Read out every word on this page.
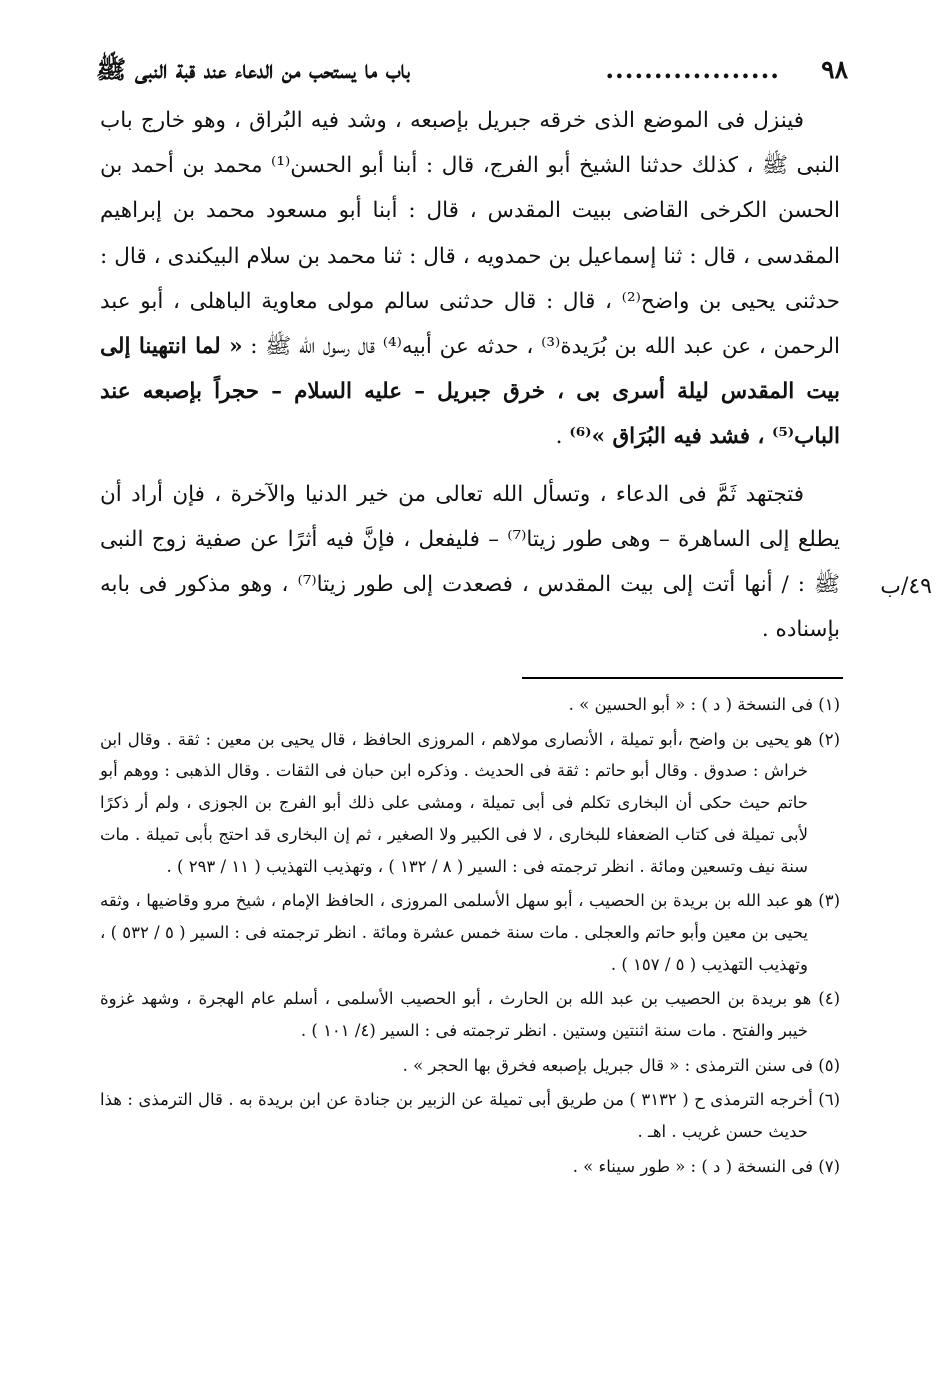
٩٨
..................
باب ما يستحب من الدعاء عند قبة النبى ﷺ

فينزل فى الموضع الذى خرقه جبريل بإصبعه ، وشد فيه البُراق ، وهو خارج باب النبى ﷺ ، كذلك حدثنا الشيخ أبو الفرج، قال : أبنا أبو الحسن⁽¹⁾ محمد بن أحمد بن الحسن الكرخى القاضى ببيت المقدس ، قال : أبنا أبو مسعود محمد بن إبراهيم المقدسى ، قال : ثنا إسماعيل بن حمدويه ، قال : ثنا محمد بن سلام البيكندى ، قال : حدثنى يحيى بن واضح⁽²⁾ ، قال : قال حدثنى سالم مولى معاوية الباهلى ، أبو عبد الرحمن ، عن عبد الله بن بُرَيدة⁽³⁾ ، حدثه عن أبيه⁽⁴⁾ قال رسول الله ﷺ : « لما انتهينا إلى بيت المقدس ليلة أسرى بى ، خرق جبريل – عليه السلام – حجراً بإصبعه عند الباب⁽⁵⁾ ، فشد فيه البُرَاق »⁽⁶⁾ .

فتجتهد ثَمَّ فى الدعاء ، وتسأل الله تعالى من خير الدنيا والآخرة ، فإن أراد أن يطلع إلى الساهرة – وهى طور زيتا⁽⁷⁾ – فليفعل ، فإنَّ فيه أثرًا عن صفية زوج النبى ﷺ : / أنها أتت إلى بيت المقدس ، فصعدت إلى طور زيتا⁽⁷⁾ ، وهو مذكور فى بابه بإسناده .

٤٩/ب

(١) فى النسخة ( د ) : « أبو الحسين » .

(٢) هو يحيى بن واضح ،أبو تميلة ، الأنصارى مولاهم ، المروزى الحافظ ، قال يحيى بن معين : ثقة . وقال ابن خراش : صدوق . وقال أبو حاتم : ثقة فى الحديث . وذكره ابن حبان فى الثقات . وقال الذهبى : ووهم أبو حاتم حيث حكى أن البخارى تكلم فى أبى تميلة ، ومشى على ذلك أبو الفرج بن الجوزى ، ولم أر ذكرًا لأبى تميلة فى كتاب الضعفاء للبخارى ، لا فى الكبير ولا الصغير ، ثم إن البخارى قد احتج بأبى تميلة . مات سنة نيف وتسعين ومائة . انظر ترجمته فى : السير ( ٨ / ١٣٢ ) ، وتهذيب التهذيب ( ١١ / ٢٩٣ ) .

(٣) هو عبد الله بن بريدة بن الحصيب ، أبو سهل الأسلمى المروزى ، الحافظ الإمام ، شيخ مرو وقاضيها ، وثقه يحيى بن معين وأبو حاتم والعجلى . مات سنة خمس عشرة ومائة . انظر ترجمته فى : السير ( ٥ / ٥٣٢ ) ، وتهذيب التهذيب ( ٥ / ١٥٧ ) .

(٤) هو بريدة بن الحصيب بن عبد الله بن الحارث ، أبو الحصيب الأسلمى ، أسلم عام الهجرة ، وشهد غزوة خيبر والفتح . مات سنة اثنتين وستين . انظر ترجمته فى : السير (٤/ ١٠١ ) .

(٥) فى سنن الترمذى : « قال جبريل بإصبعه فخرق بها الحجر » .

(٦) أخرجه الترمذى ح ( ٣١٣٢ ) من طريق أبى تميلة عن الزبير بن جنادة عن ابن بريدة به . قال الترمذى : هذا حديث حسن غريب . اهـ .

(٧) فى النسخة ( د ) : « طور سيناء » .
